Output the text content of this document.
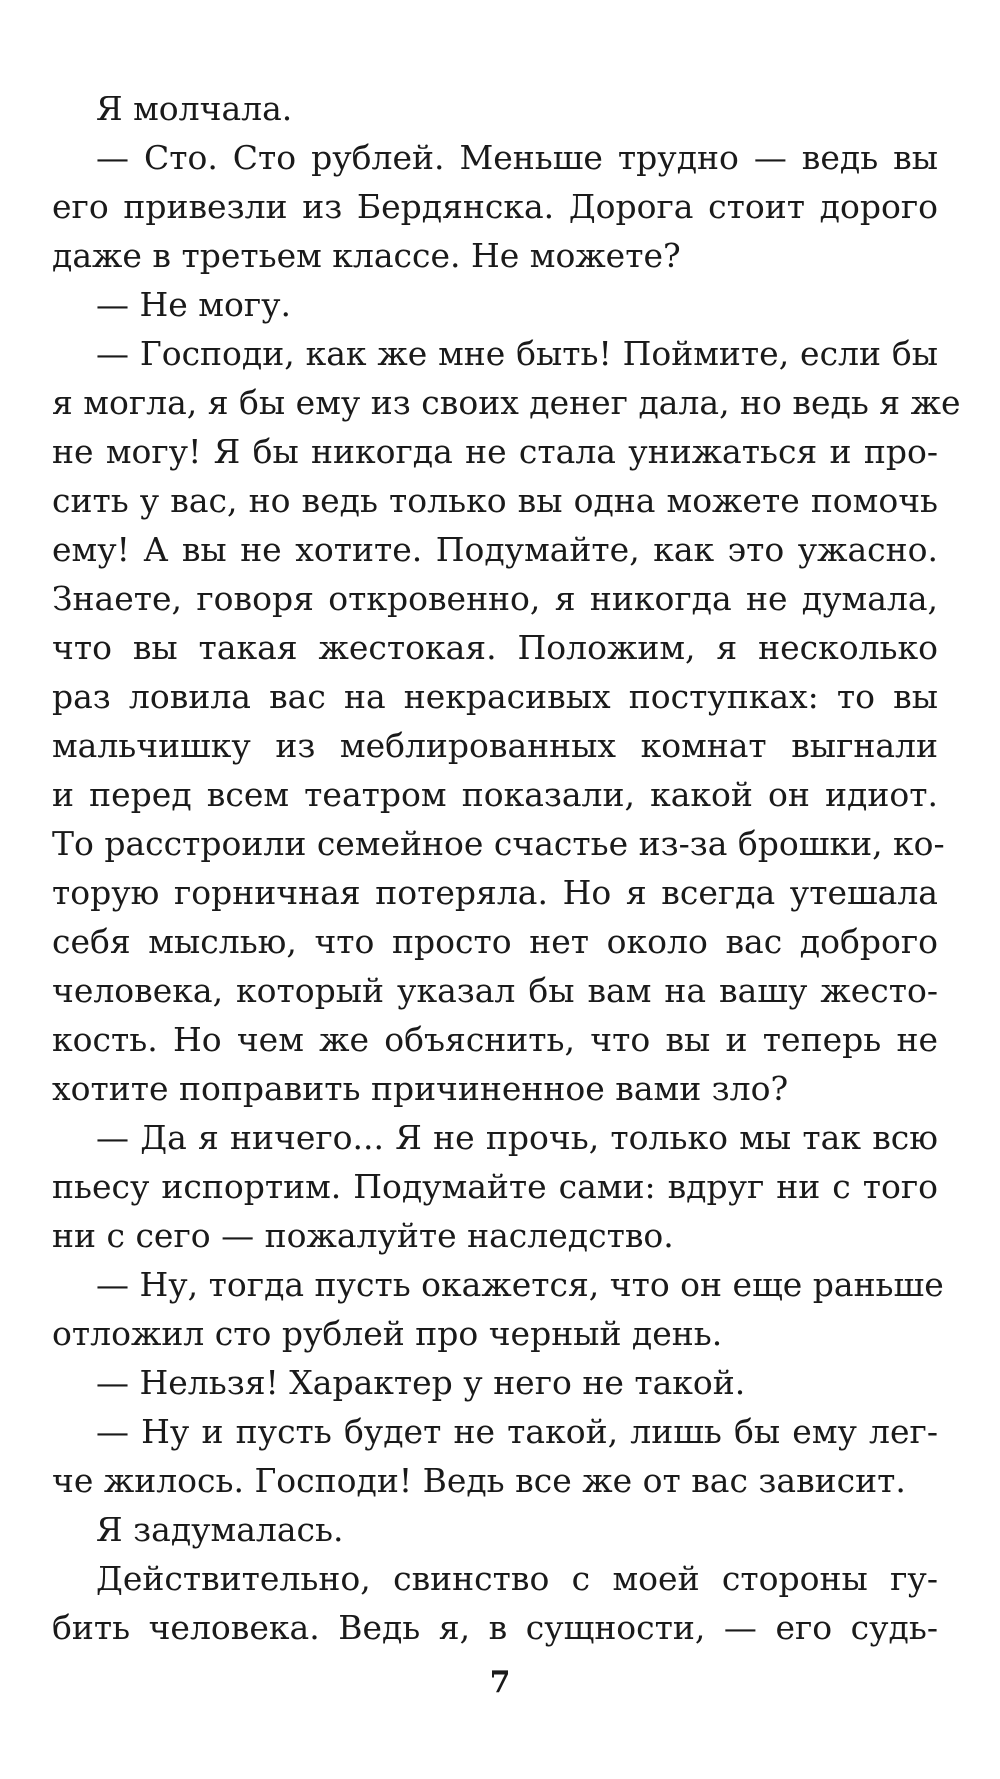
Я молчала.
— Сто. Сто рублей. Меньше трудно — ведь вы
его привезли из Бердянска. Дорога стоит дорого
даже в третьем классе. Не можете?
— Не могу.
— Господи, как же мне быть! Поймите, если бы
я могла, я бы ему из своих денег дала, но ведь я же
не могу! Я бы никогда не стала унижаться и про-
сить у вас, но ведь только вы одна можете помочь
ему! А вы не хотите. Подумайте, как это ужасно.
Знаете, говоря откровенно, я никогда не думала,
что вы такая жестокая. Положим, я несколько
раз ловила вас на некрасивых поступках: то вы
мальчишку из меблированных комнат выгнали
и перед всем театром показали, какой он идиот.
То расстроили семейное счастье из-за брошки, ко-
торую горничная потеряла. Но я всегда утешала
себя мыслью, что просто нет около вас доброго
человека, который указал бы вам на вашу жесто-
кость. Но чем же объяснить, что вы и теперь не
хотите поправить причиненное вами зло?
— Да я ничего... Я не прочь, только мы так всю
пьесу испортим. Подумайте сами: вдруг ни с того
ни с сего — пожалуйте наследство.
— Ну, тогда пусть окажется, что он еще раньше
отложил сто рублей про черный день.
— Нельзя! Характер у него не такой.
— Ну и пусть будет не такой, лишь бы ему лег-
че жилось. Господи! Ведь все же от вас зависит.
Я задумалась.
Действительно, свинство с моей стороны гу-
бить человека. Ведь я, в сущности, — его судь-
7
